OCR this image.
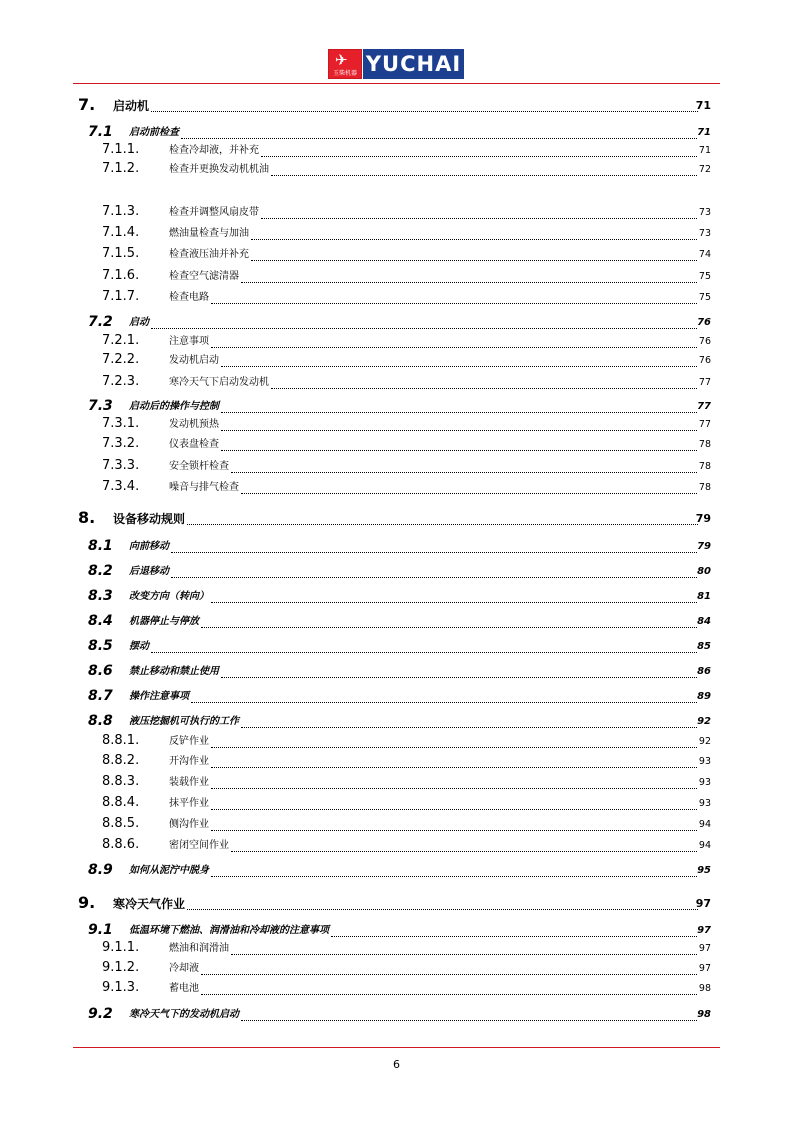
✈
玉柴机器 YUCHAI
7. 启动机	71
7.1 启动前检查	71
7.1.1.	检查冷却液，并补充	71
7.1.2.	检查并更换发动机机油	72
7.1.3.	检查并调整风扇皮带	73
7.1.4.	燃油量检查与加油	73
7.1.5.	检查液压油并补充	74
7.1.6.	检查空气滤清器	75
7.1.7.	检查电路	75
7.2 启动	76
7.2.1.	注意事项	76
7.2.2.	发动机启动	76
7.2.3.	寒冷天气下启动发动机	77
7.3 启动后的操作与控制	77
7.3.1.	发动机预热	77
7.3.2.	仪表盘检查	78
7.3.3.	安全锁杆检查	78
7.3.4.	噪音与排气检查	78
8. 设备移动规则	79
8.1 向前移动	79
8.2 后退移动	80
8.3 改变方向（转向）	81
8.4 机器停止与停放	84
8.5 摆动	85
8.6 禁止移动和禁止使用	86
8.7 操作注意事项	89
8.8 液压挖掘机可执行的工作	92
8.8.1.	反铲作业	92
8.8.2.	开沟作业	93
8.8.3.	装载作业	93
8.8.4.	抹平作业	93
8.8.5.	侧沟作业	94
8.8.6.	密闭空间作业	94
8.9 如何从泥泞中脱身	95
9. 寒冷天气作业	97
9.1 低温环境下燃油、润滑油和冷却液的注意事项	97
9.1.1.	燃油和润滑油	97
9.1.2.	冷却液	97
9.1.3.	蓄电池	98
9.2 寒冷天气下的发动机启动	98
6
